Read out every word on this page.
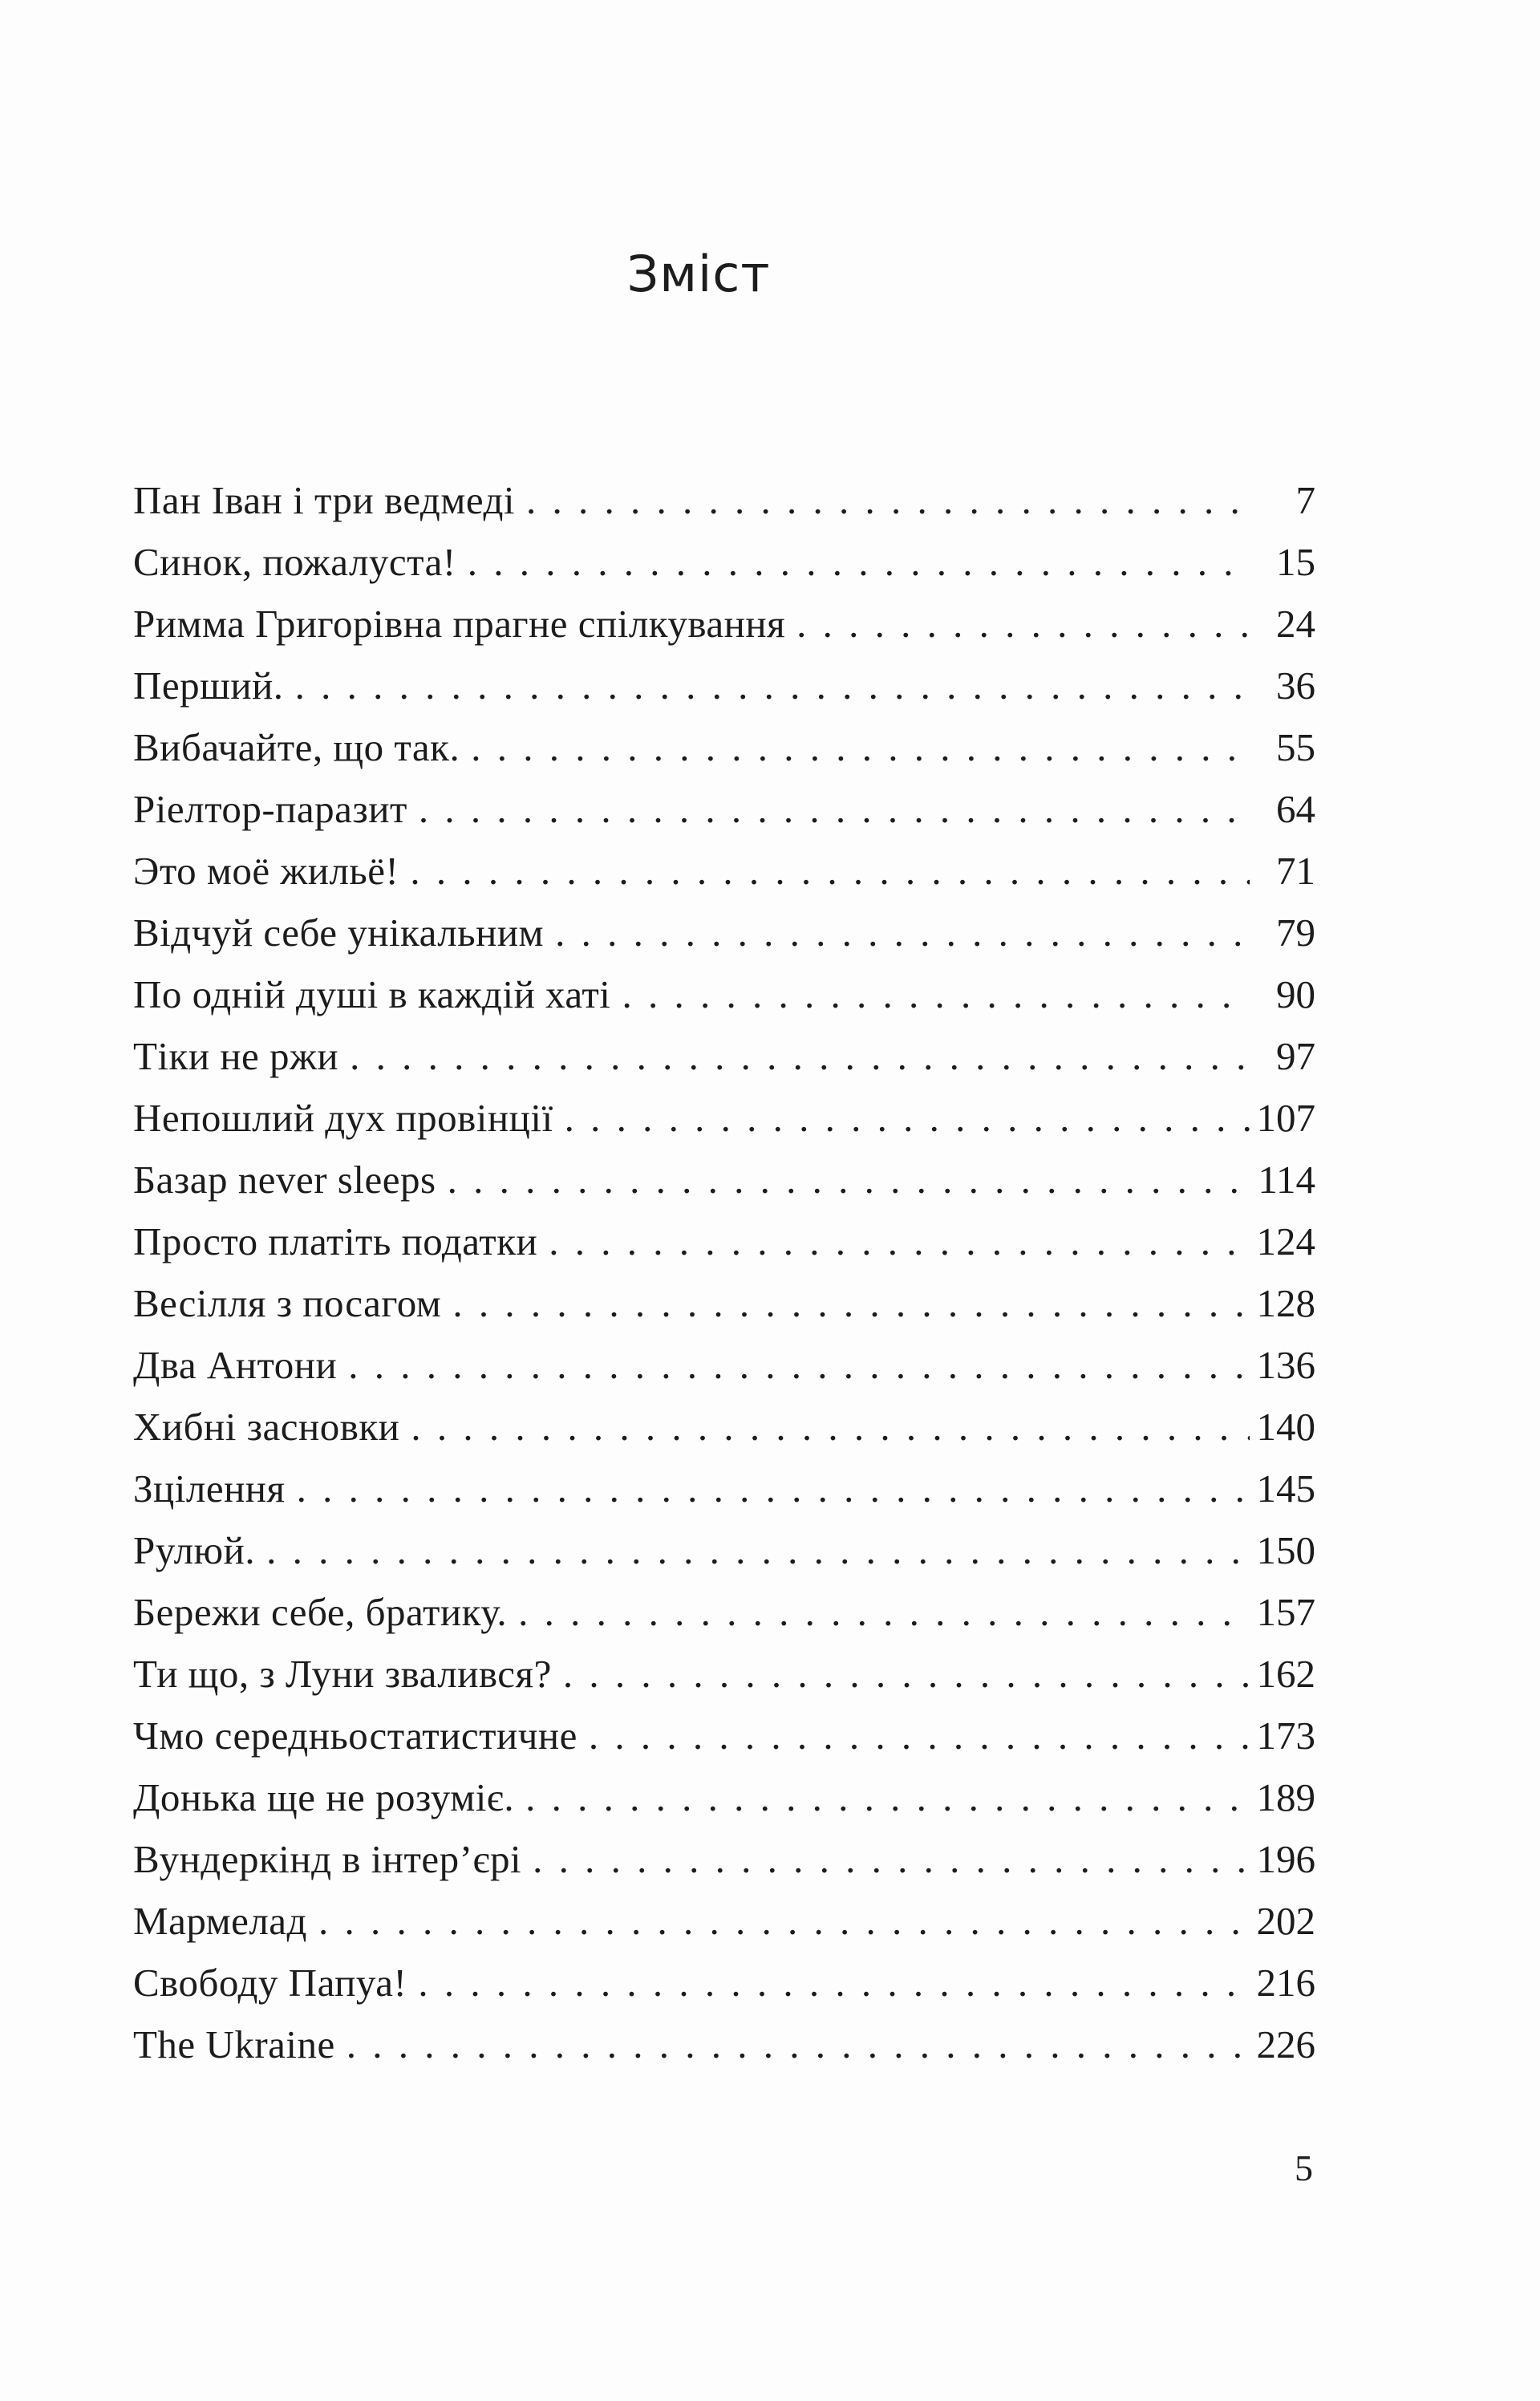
Зміст
Пан Іван і три ведмеді . . .	7
Синок, пожалуста! . . .	15
Римма Григорівна прагне спілкування . . .	24
Перший. . . .	36
Вибачайте, що так. . . .	55
Ріелтор-паразит . . .	64
Это моё жильё! . . .	71
Відчуй себе унікальним . . .	79
По одній душі в каждій хаті . . .	90
Тіки не ржи . . .	97
Непошлий дух провінції . . .	107
Базар never sleeps . . .	114
Просто платіть податки . . .	124
Весілля з посагом . . .	128
Два Антони . . .	136
Хибні засновки . . .	140
Зцілення . . .	145
Рулюй. . . .	150
Бережи себе, братику. . . .	157
Ти що, з Луни звалився? . . .	162
Чмо середньостатистичне . . .	173
Донька ще не розуміє. . . .	189
Вундеркінд в інтер’єрі . . .	196
Мармелад . . .	202
Свободу Папуа! . . .	216
The Ukraine . . .	226
5
